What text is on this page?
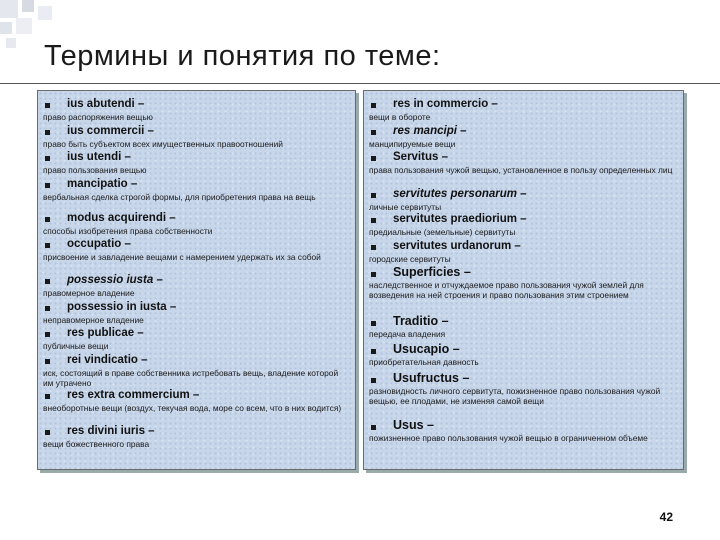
Термины и понятия по теме:
ius abutendi –
право распоряжения вещью
ius commercii –
право быть субъектом всех имущественных правоотношений
ius utendi –
право пользования вещью
mancipatio –
вербальная сделка строгой формы, для приобретения права на вещь
modus acquirendi –
способы изобретения права собственности
occupatio –
присвоение и завладение вещами с намерением удержать их за собой
possessio iusta –
правомерное владение
possessio in iusta –
неправомерное владение
res publicae –
публичные вещи
rei vindicatio –
иск, состоящий в праве собственника истребовать вещь, владение которой им утрачено
res extra commercium –
внеоборотные вещи (воздух, текучая вода, море со всем, что в них водится)
res divini iuris –
вещи божественного права
res in commercio –
вещи в обороте
res mancipi –
манципируемые вещи
Servitus –
права пользования чужой вещью, установленное в пользу определенных лиц
servitutes personarum –
личные сервитуты
servitutes praediorium –
предиальные (земельные) сервитуты
servitutes urdanorum –
городские сервитуты
Superficies –
наследственное и отчуждаемое право пользования чужой землей для возведения на ней строения и право пользования этим строением
Traditio –
передача владения
Usucapio –
приобретательная давность
Usufructus –
разновидность личного сервитута, пожизненное право пользования чужой вещью, ее плодами, не изменяя самой вещи
Usus –
пожизненное право пользования чужой вещью в ограниченном объеме
42
